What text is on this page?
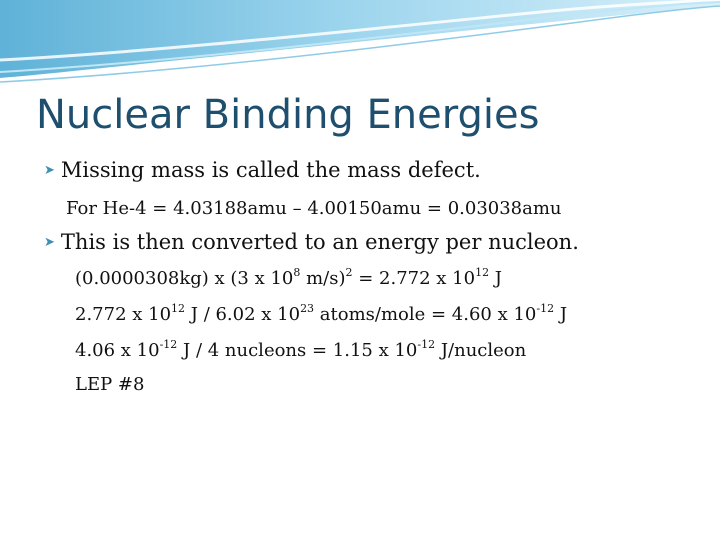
Nuclear Binding Energies
➤ Missing mass is called the mass defect.
For He-4 = 4.03188amu – 4.00150amu = 0.03038amu
➤ This is then converted to an energy per nucleon.
(0.0000308kg) x (3 x $10^8$ m/s)$^2$ = 2.772 x $10^{12}$ J
2.772 x $10^{12}$ J / 6.02 x $10^{23}$ atoms/mole = 4.60 x $10^{-12}$ J
4.06 x $10^{-12}$ J / 4 nucleons = 1.15 x $10^{-12}$ J/nucleon
LEP #8
